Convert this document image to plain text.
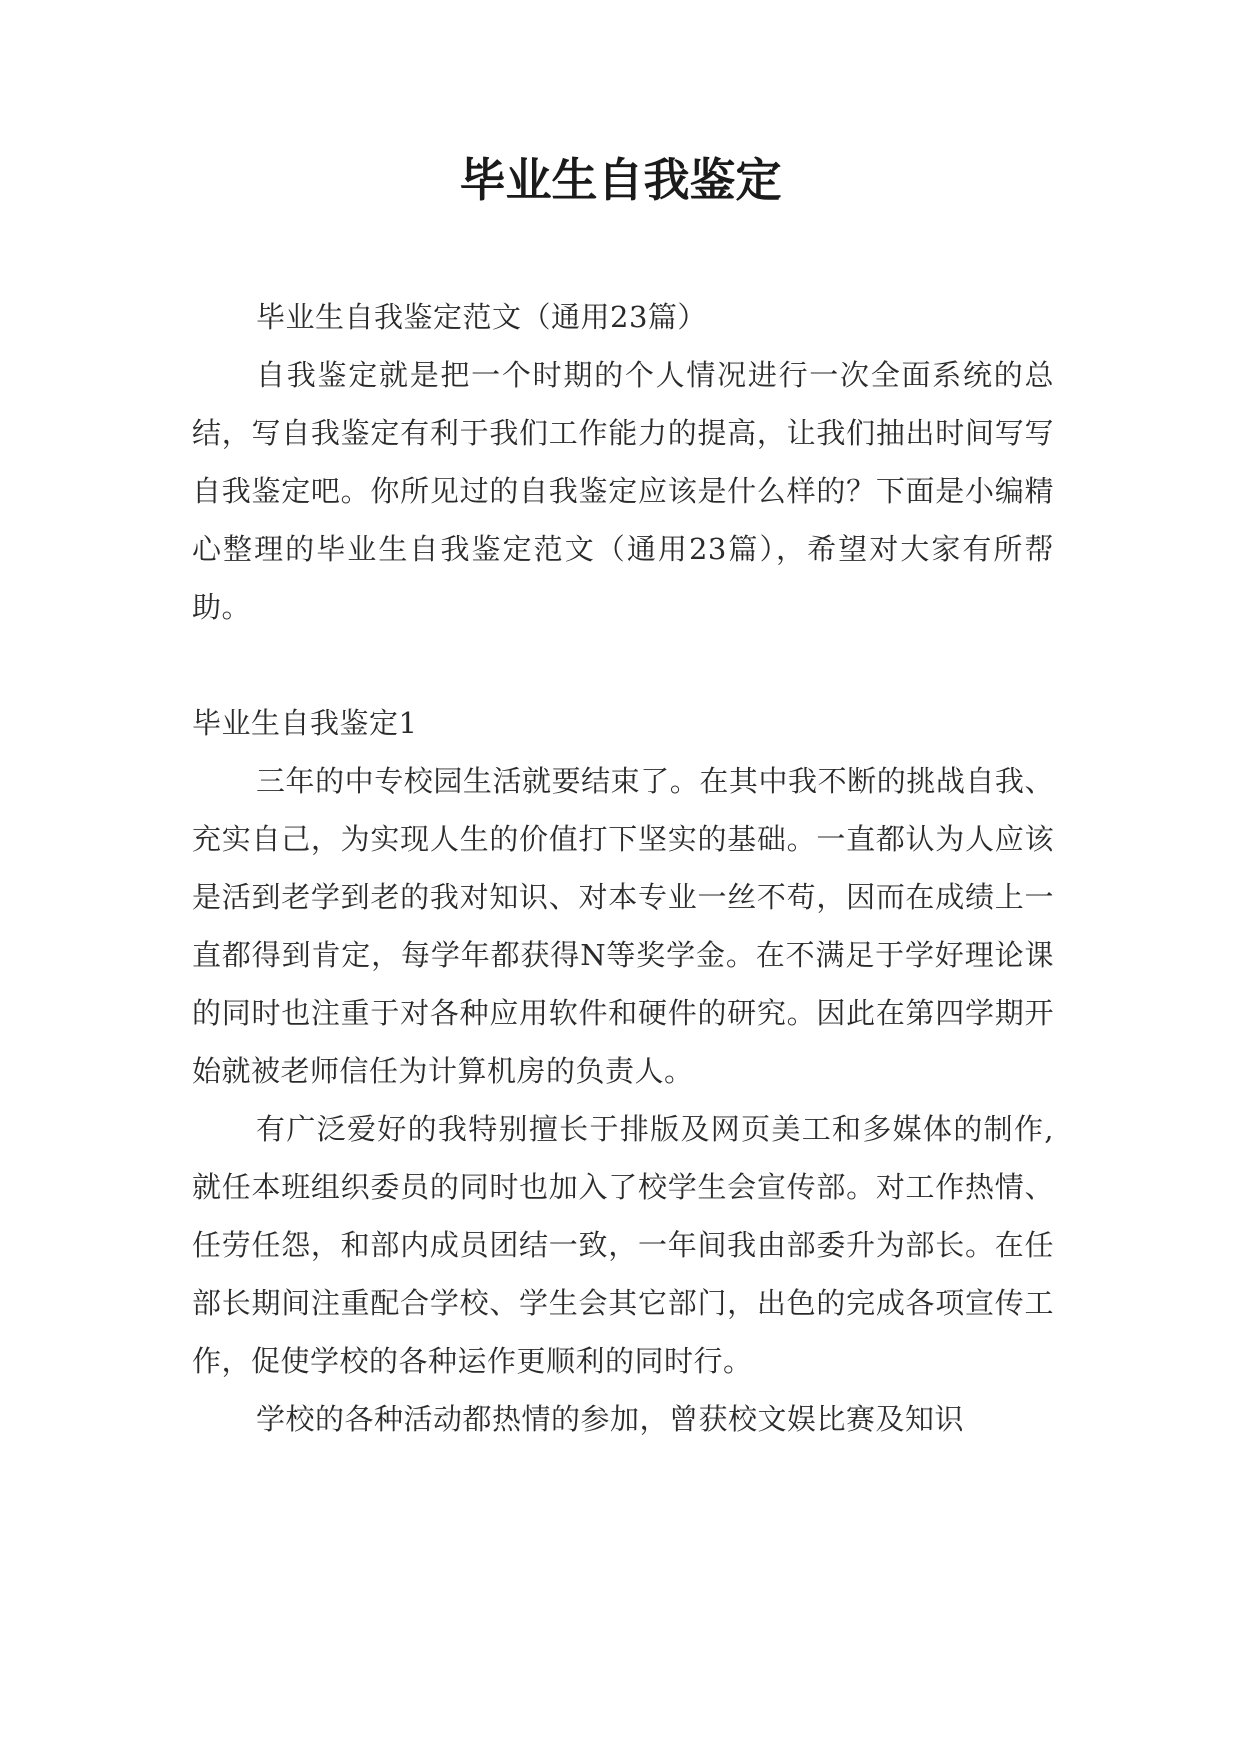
毕业生自我鉴定

毕业生自我鉴定范文（通用23篇）

自我鉴定就是把一个时期的个人情况进行一次全面系统的总结，写自我鉴定有利于我们工作能力的提高，让我们抽出时间写写自我鉴定吧。你所见过的自我鉴定应该是什么样的？下面是小编精心整理的毕业生自我鉴定范文（通用23篇），希望对大家有所帮助。

毕业生自我鉴定1

三年的中专校园生活就要结束了。在其中我不断的挑战自我、充实自己，为实现人生的价值打下坚实的基础。一直都认为人应该是活到老学到老的我对知识、对本专业一丝不苟，因而在成绩上一直都得到肯定，每学年都获得N等奖学金。在不满足于学好理论课的同时也注重于对各种应用软件和硬件的研究。因此在第四学期开始就被老师信任为计算机房的负责人。

有广泛爱好的我特别擅长于排版及网页美工和多媒体的制作,就任本班组织委员的同时也加入了校学生会宣传部。对工作热情、任劳任怨，和部内成员团结一致，一年间我由部委升为部长。在任部长期间注重配合学校、学生会其它部门，出色的完成各项宣传工作，促使学校的各种运作更顺利的同时行。

学校的各种活动都热情的参加，曾获校文娱比赛及知识
